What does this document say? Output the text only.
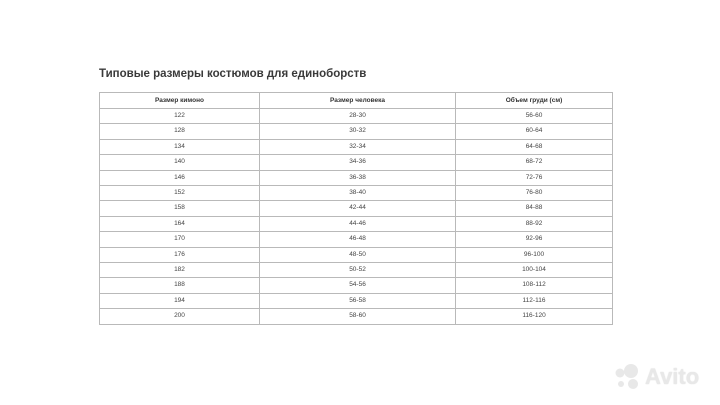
Типовые размеры костюмов для единоборств
Размер кимоно	Размер человека	Объем груди (см)
122	28-30	56-60
128	30-32	60-64
134	32-34	64-68
140	34-36	68-72
146	36-38	72-76
152	38-40	76-80
158	42-44	84-88
164	44-46	88-92
170	46-48	92-96
176	48-50	96-100
182	50-52	100-104
188	54-56	108-112
194	56-58	112-116
200	58-60	116-120
Avito
